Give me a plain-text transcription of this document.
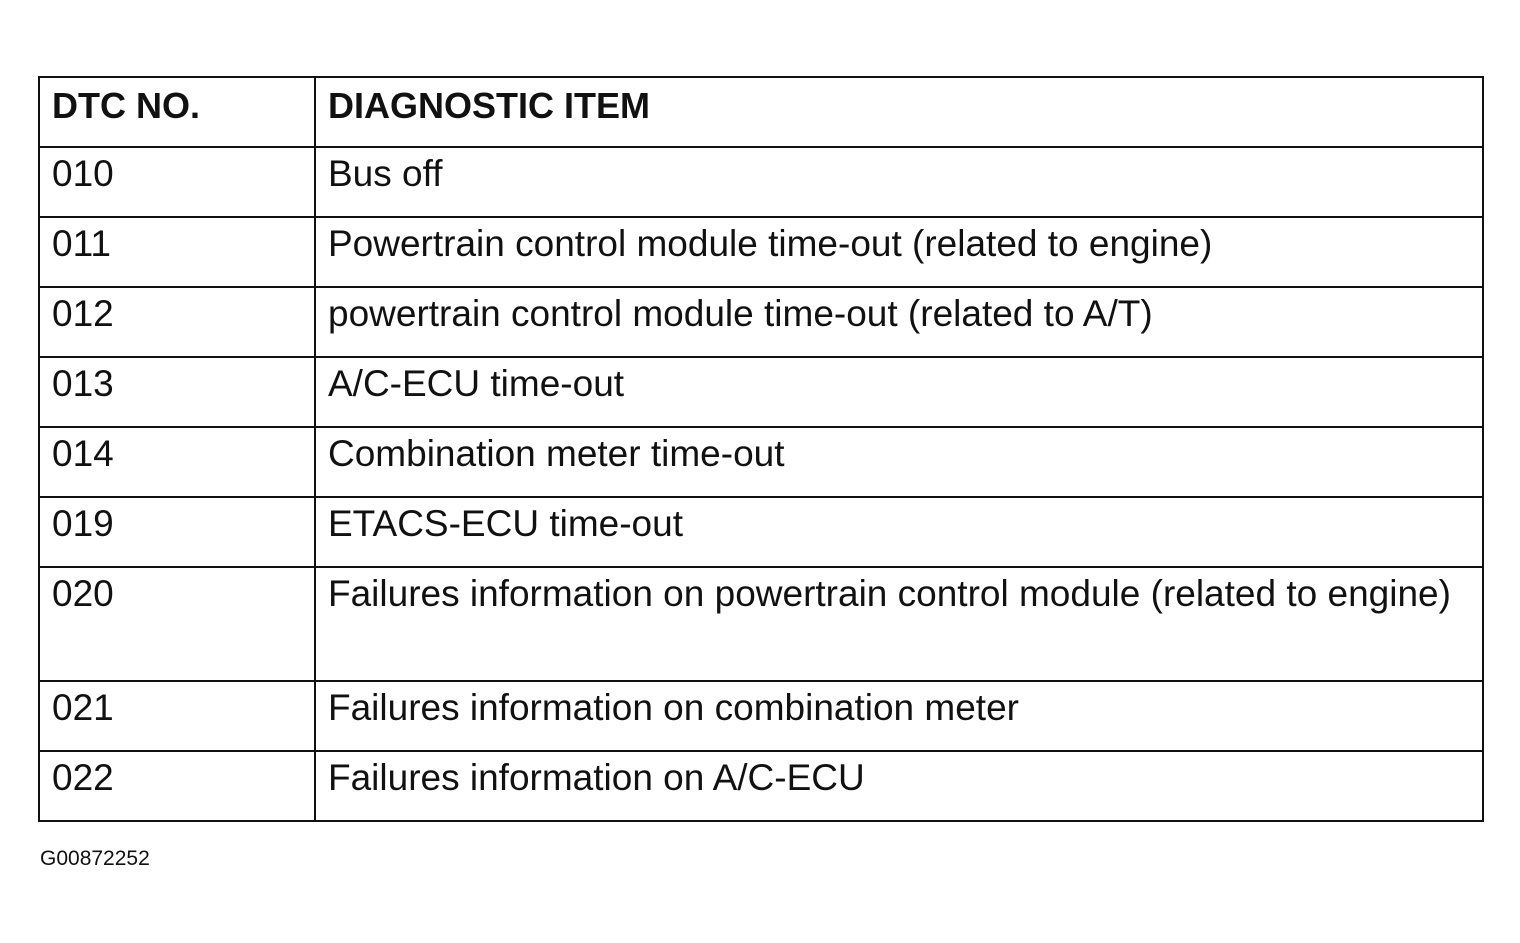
DTC NO.	DIAGNOSTIC ITEM
010	Bus off
011	Powertrain control module time-out (related to engine)
012	powertrain control module time-out (related to A/T)
013	A/C-ECU time-out
014	Combination meter time-out
019	ETACS-ECU time-out
020	Failures information on powertrain control module (related to engine)
021	Failures information on combination meter
022	Failures information on A/C-ECU
G00872252
